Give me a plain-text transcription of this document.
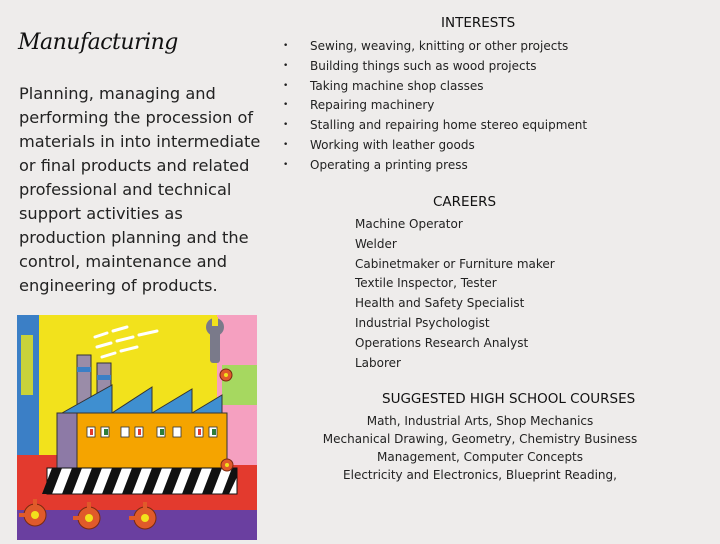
Manufacturing

Planning, managing and performing the procession of materials in into intermediate or final products and related professional and technical support activities as production planning and the control, maintenance and engineering of products.

INTERESTS
• Sewing, weaving, knitting or other projects
• Building things such as wood projects
• Taking machine shop classes
• Repairing machinery
• Stalling and repairing home stereo equipment
• Working with leather goods
• Operating a printing press
CAREERS
Machine Operator
Welder
Cabinetmaker or Furniture maker
Textile Inspector, Tester
Health and Safety Specialist
Industrial Psychologist
Operations Research Analyst
Laborer
SUGGESTED HIGH SCHOOL COURSES
Math, Industrial Arts, Shop Mechanics
Mechanical Drawing, Geometry, Chemistry Business
Management, Computer Concepts
Electricity and Electronics, Blueprint Reading,
